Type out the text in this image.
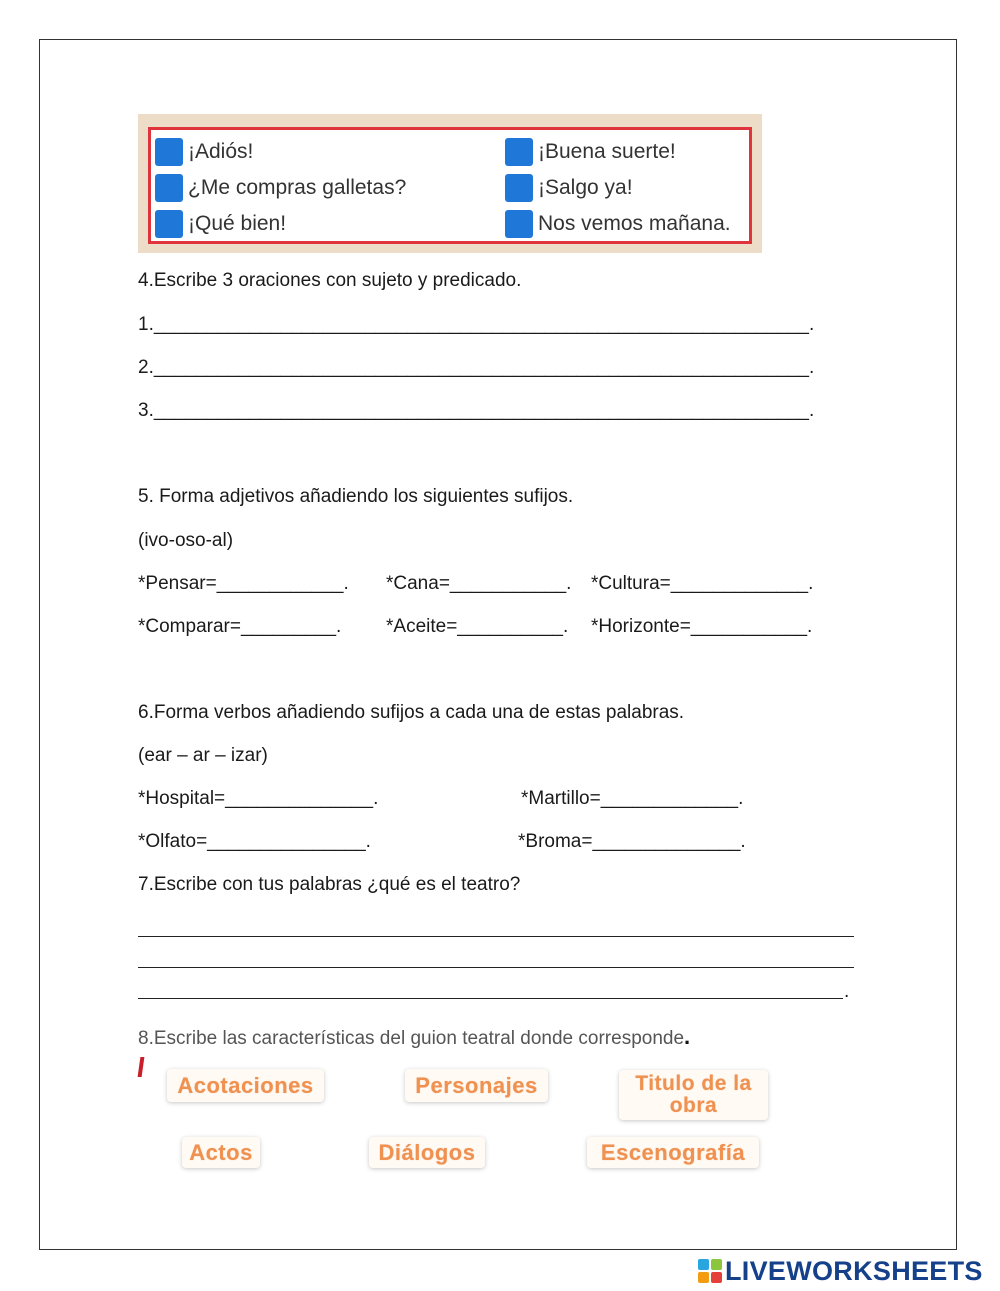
¡Adiós!	¡Buena suerte!
¿Me compras galletas?	¡Salgo ya!
¡Qué bien!	Nos vemos mañana.
4.Escribe 3 oraciones con sujeto y predicado.
1.______________________________________________________________.
2.______________________________________________________________.
3.______________________________________________________________.
5. Forma adjetivos añadiendo los siguientes sufijos.
(ivo-oso-al)
*Pensar=____________. *Cana=___________. *Cultura=_____________.
*Comparar=_________. *Aceite=__________. *Horizonte=___________.
6.Forma verbos añadiendo sufijos a cada una de estas palabras.
(ear – ar – izar)
*Hospital=______________.	*Martillo=_____________.
*Olfato=_______________.	*Broma=______________.
7.Escribe con tus palabras ¿qué es el teatro?
.
8.Escribe las características del guion teatral donde corresponde.
Acotaciones	Personajes	Titulo de la obra
Actos	Diálogos	Escenografía
LIVEWORKSHEETS
